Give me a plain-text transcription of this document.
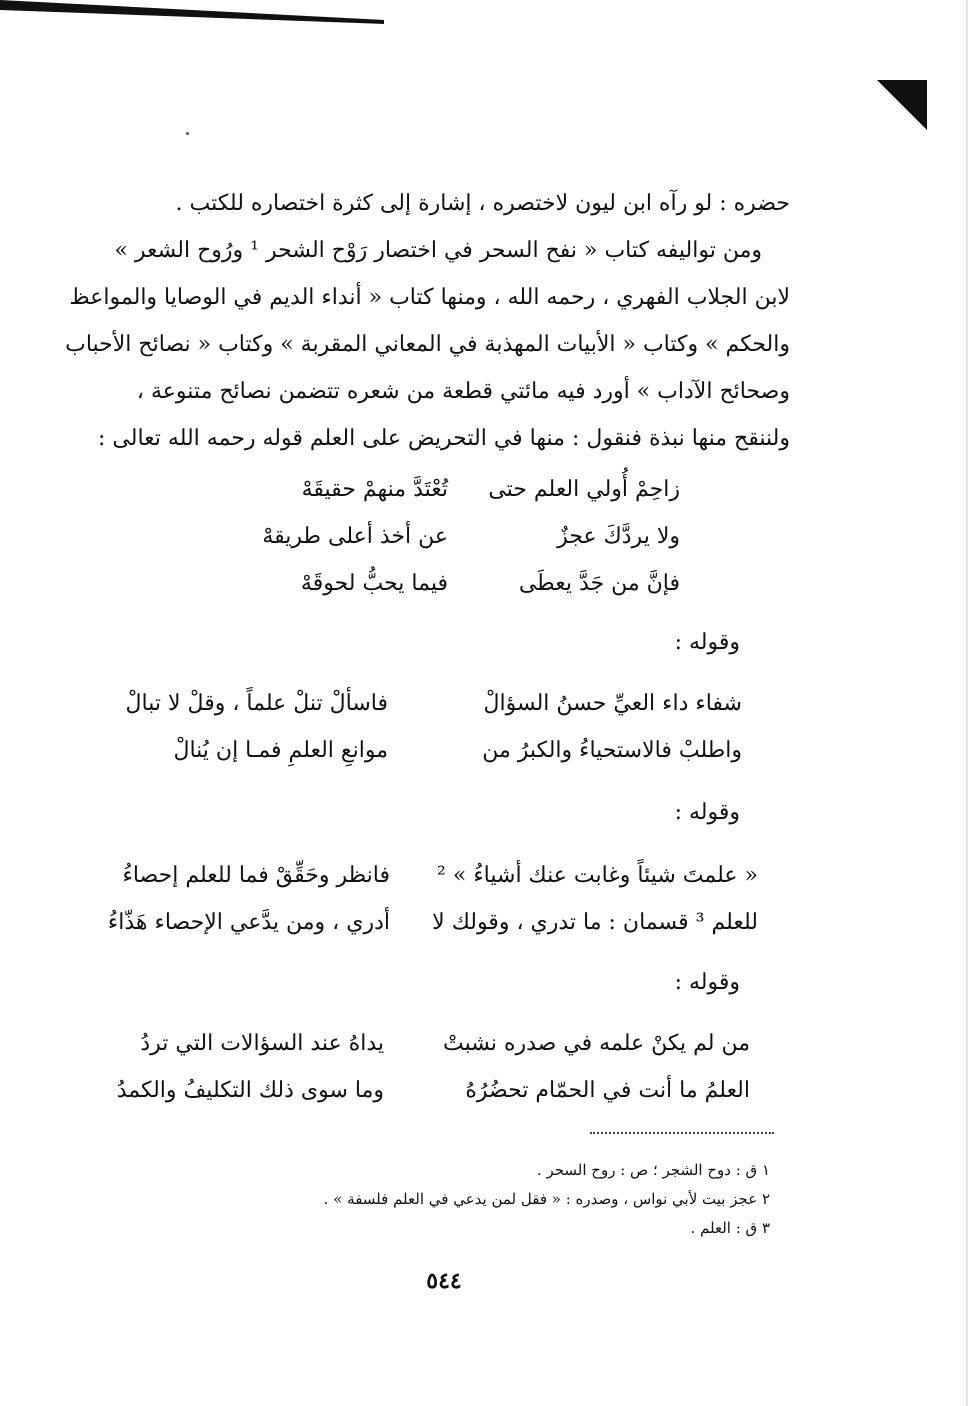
حضره : لو رآه ابن ليون لاختصره ، إشارة إلى كثرة اختصاره للكتب .

ومن تواليفه كتاب « نفح السحر في اختصار رَوْح الشحر ¹ ورُوح الشعر »

لابن الجلاب الفهري ، رحمه الله ، ومنها كتاب « أنداء الديم في الوصايا والمواعظ

والحكم » وكتاب « الأبيات المهذبة في المعاني المقربة » وكتاب « نصائح الأحباب

وصحائح الآداب » أورد فيه مائتي قطعة من شعره تتضمن نصائح متنوعة ،

ولننقح منها نبذة فنقول : منها في التحريض على العلم قوله رحمه الله تعالى :

زاحِمْ أُولي العلم حتى
تُعْتَدَّ منهمْ حقيقَهْ
ولا يردَّكَ عجزٌ
عن أخذ أعلى طريقهْ
فإنَّ من جَدَّ يعطَى
فيما يحبُّ لحوقَهْ
وقوله :
شفاء داء العيِّ حسنُ السؤالْ
فاسألْ تنلْ علماً ، وقلْ لا تبالْ
واطلبْ فالاستحياءُ والكبرُ من
موانعِ العلمِ فمـا إن يُنالْ
وقوله :
« علمتَ شيئاً وغابت عنك أشياءُ » ²
فانظر وحَقِّقْ فما للعلم إحصاءُ
للعلم ³ قسمان : ما تدري ، وقولك لا
أدري ، ومن يدَّعي الإحصاء هَذّاءُ
وقوله :
من لم يكنْ علمه في صدره نشبتْ
يداهُ عند السؤالات التي تردُ
العلمُ ما أنت في الحمّام تحضُرُهُ
وما سوى ذلك التكليفُ والكمدُ

١ ق : دوح الشجر ؛ ص : روح السحر .

٢ عجز بيت لأبي نواس ، وصدره : « فقل لمن يدعي في العلم فلسفة » .

٣ ق : العلم .

٥٤٤
